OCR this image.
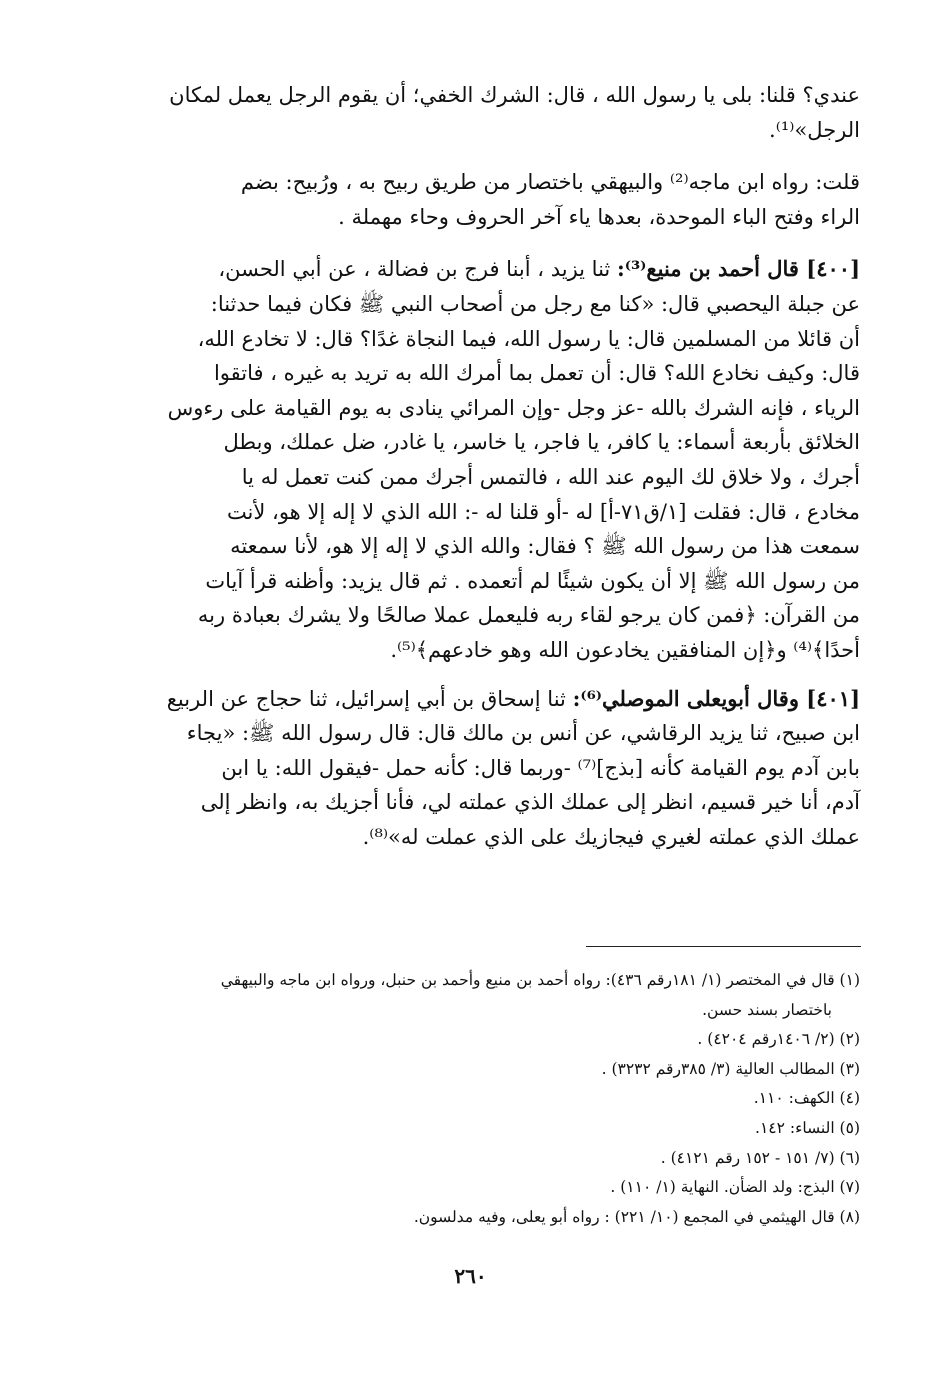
عندي؟ قلنا: بلى يا رسول الله ، قال: الشرك الخفي؛ أن يقوم الرجل يعمل لمكان
الرجل»⁽¹⁾.

قلت: رواه ابن ماجه⁽²⁾ والبيهقي باختصار من طريق ربيح به ، ورُبيح: بضم
الراء وفتح الباء الموحدة، بعدها ياء آخر الحروف وحاء مهملة .

[٤٠٠] قال أحمد بن منيع⁽³⁾: ثنا يزيد ، أبنا فرج بن فضالة ، عن أبي الحسن،
عن جبلة اليحصبي قال: «كنا مع رجل من أصحاب النبي ﷺ فكان فيما حدثنا:
أن قائلا من المسلمين قال: يا رسول الله، فيما النجاة غدًا؟ قال: لا تخادع الله،
قال: وكيف نخادع الله؟ قال: أن تعمل بما أمرك الله به تريد به غيره ، فاتقوا
الرياء ، فإنه الشرك بالله -عز وجل -وإن المرائي ينادى به يوم القيامة على رءوس
الخلائق بأربعة أسماء: يا كافر، يا فاجر، يا خاسر، يا غادر، ضل عملك، وبطل
أجرك ، ولا خلاق لك اليوم عند الله ، فالتمس أجرك ممن كنت تعمل له يا
مخادع ، قال: فقلت [١/ق٧١-أ] له -أو قلنا له -: الله الذي لا إله إلا هو، لأنت
سمعت هذا من رسول الله ﷺ ؟ فقال: والله الذي لا إله إلا هو، لأنا سمعته
من رسول الله ﷺ إلا أن يكون شيئًا لم أتعمده . ثم قال يزيد: وأظنه قرأ آيات
من القرآن: ﴿فمن كان يرجو لقاء ربه فليعمل عملا صالحًا ولا يشرك بعبادة ربه
أحدًا﴾⁽⁴⁾ و﴿إن المنافقين يخادعون الله وهو خادعهم﴾⁽⁵⁾.

[٤٠١] وقال أبويعلى الموصلي⁽⁶⁾: ثنا إسحاق بن أبي إسرائيل، ثنا حجاج عن الربيع
ابن صبيح، ثنا يزيد الرقاشي، عن أنس بن مالك قال: قال رسول الله ﷺ: «يجاء
بابن آدم يوم القيامة كأنه [بذج]⁽⁷⁾ -وربما قال: كأنه حمل -فيقول الله: يا ابن
آدم، أنا خير قسيم، انظر إلى عملك الذي عملته لي، فأنا أجزيك به، وانظر إلى
عملك الذي عملته لغيري فيجازيك على الذي عملت له»⁽⁸⁾.

(١) قال في المختصر (١/ ١٨١رقم ٤٣٦): رواه أحمد بن منيع وأحمد بن حنبل، ورواه ابن ماجه والبيهقي

باختصار بسند حسن.

(٢) (٢/ ١٤٠٦رقم ٤٢٠٤) .

(٣) المطالب العالية (٣/ ٣٨٥رقم ٣٢٣٢) .

(٤) الكهف: ١١٠.

(٥) النساء: ١٤٢.

(٦) (٧/ ١٥١ - ١٥٢ رقم ٤١٢١) .

(٧) البذج: ولد الضأن. النهاية (١/ ١١٠) .

(٨) قال الهيثمي في المجمع (١٠/ ٢٢١) : رواه أبو يعلى، وفيه مدلسون.

٢٦٠
